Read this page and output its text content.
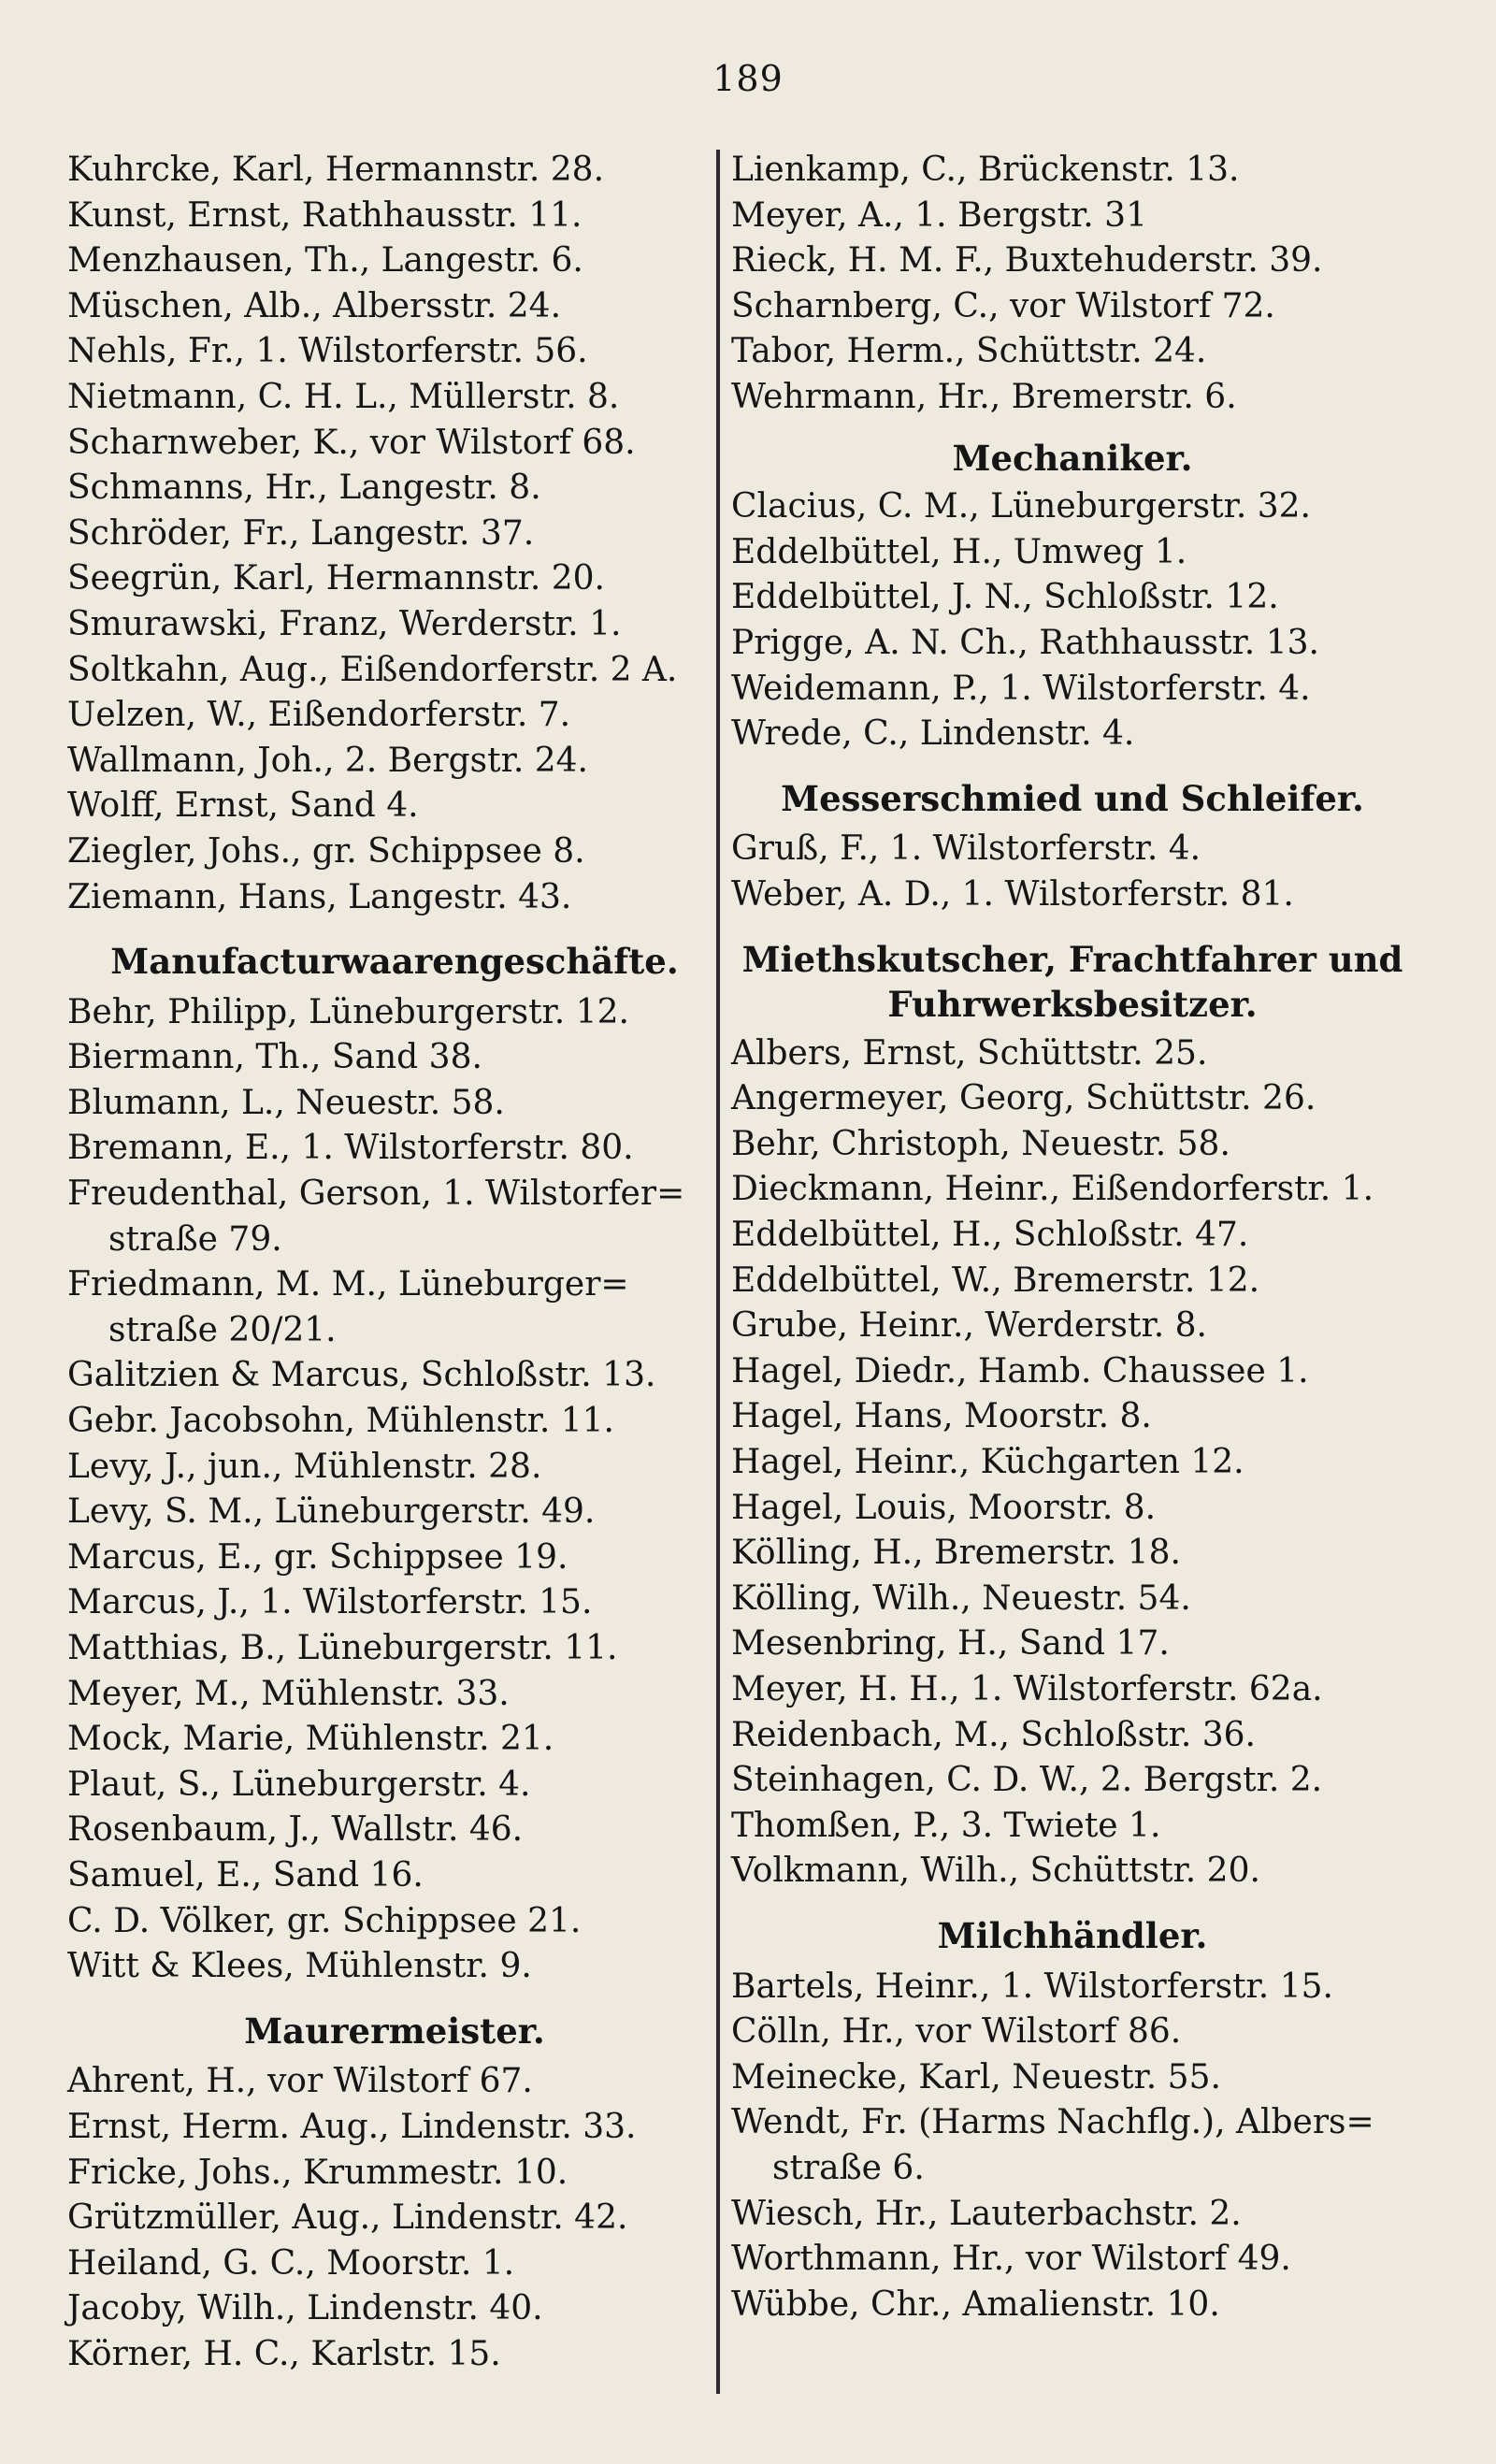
189
Kuhrcke, Karl, Hermannstr. 28.
Kunst, Ernst, Rathhausstr. 11.
Menzhausen, Th., Langestr. 6.
Müschen, Alb., Albersstr. 24.
Nehls, Fr., 1. Wilstorferstr. 56.
Nietmann, C. H. L., Müllerstr. 8.
Scharnweber, K., vor Wilstorf 68.
Schmanns, Hr., Langestr. 8.
Schröder, Fr., Langestr. 37.
Seegrün, Karl, Hermannstr. 20.
Smurawski, Franz, Werderstr. 1.
Soltkahn, Aug., Eißendorferstr. 2 A.
Uelzen, W., Eißendorferstr. 7.
Wallmann, Joh., 2. Bergstr. 24.
Wolff, Ernst, Sand 4.
Ziegler, Johs., gr. Schippsee 8.
Ziemann, Hans, Langestr. 43.
Manufacturwaarengeschäfte.
Behr, Philipp, Lüneburgerstr. 12.
Biermann, Th., Sand 38.
Blumann, L., Neuestr. 58.
Bremann, E., 1. Wilstorferstr. 80.
Freudenthal, Gerson, 1. Wilstorfer=
straße 79.
Friedmann, M. M., Lüneburger=
straße 20/21.
Galitzien & Marcus, Schloßstr. 13.
Gebr. Jacobsohn, Mühlenstr. 11.
Levy, J., jun., Mühlenstr. 28.
Levy, S. M., Lüneburgerstr. 49.
Marcus, E., gr. Schippsee 19.
Marcus, J., 1. Wilstorferstr. 15.
Matthias, B., Lüneburgerstr. 11.
Meyer, M., Mühlenstr. 33.
Mock, Marie, Mühlenstr. 21.
Plaut, S., Lüneburgerstr. 4.
Rosenbaum, J., Wallstr. 46.
Samuel, E., Sand 16.
C. D. Völker, gr. Schippsee 21.
Witt & Klees, Mühlenstr. 9.
Maurermeister.
Ahrent, H., vor Wilstorf 67.
Ernst, Herm. Aug., Lindenstr. 33.
Fricke, Johs., Krummestr. 10.
Grützmüller, Aug., Lindenstr. 42.
Heiland, G. C., Moorstr. 1.
Jacoby, Wilh., Lindenstr. 40.
Körner, H. C., Karlstr. 15.
Lienkamp, C., Brückenstr. 13.
Meyer, A., 1. Bergstr. 31
Rieck, H. M. F., Buxtehuderstr. 39.
Scharnberg, C., vor Wilstorf 72.
Tabor, Herm., Schüttstr. 24.
Wehrmann, Hr., Bremerstr. 6.
Mechaniker.
Clacius, C. M., Lüneburgerstr. 32.
Eddelbüttel, H., Umweg 1.
Eddelbüttel, J. N., Schloßstr. 12.
Prigge, A. N. Ch., Rathhausstr. 13.
Weidemann, P., 1. Wilstorferstr. 4.
Wrede, C., Lindenstr. 4.
Messerschmied und Schleifer.
Gruß, F., 1. Wilstorferstr. 4.
Weber, A. D., 1. Wilstorferstr. 81.
Miethskutscher, Frachtfahrer und
Fuhrwerksbesitzer.
Albers, Ernst, Schüttstr. 25.
Angermeyer, Georg, Schüttstr. 26.
Behr, Christoph, Neuestr. 58.
Dieckmann, Heinr., Eißendorferstr. 1.
Eddelbüttel, H., Schloßstr. 47.
Eddelbüttel, W., Bremerstr. 12.
Grube, Heinr., Werderstr. 8.
Hagel, Diedr., Hamb. Chaussee 1.
Hagel, Hans, Moorstr. 8.
Hagel, Heinr., Küchgarten 12.
Hagel, Louis, Moorstr. 8.
Kölling, H., Bremerstr. 18.
Kölling, Wilh., Neuestr. 54.
Mesenbring, H., Sand 17.
Meyer, H. H., 1. Wilstorferstr. 62a.
Reidenbach, M., Schloßstr. 36.
Steinhagen, C. D. W., 2. Bergstr. 2.
Thomßen, P., 3. Twiete 1.
Volkmann, Wilh., Schüttstr. 20.
Milchhändler.
Bartels, Heinr., 1. Wilstorferstr. 15.
Cölln, Hr., vor Wilstorf 86.
Meinecke, Karl, Neuestr. 55.
Wendt, Fr. (Harms Nachflg.), Albers=
straße 6.
Wiesch, Hr., Lauterbachstr. 2.
Worthmann, Hr., vor Wilstorf 49.
Wübbe, Chr., Amalienstr. 10.
